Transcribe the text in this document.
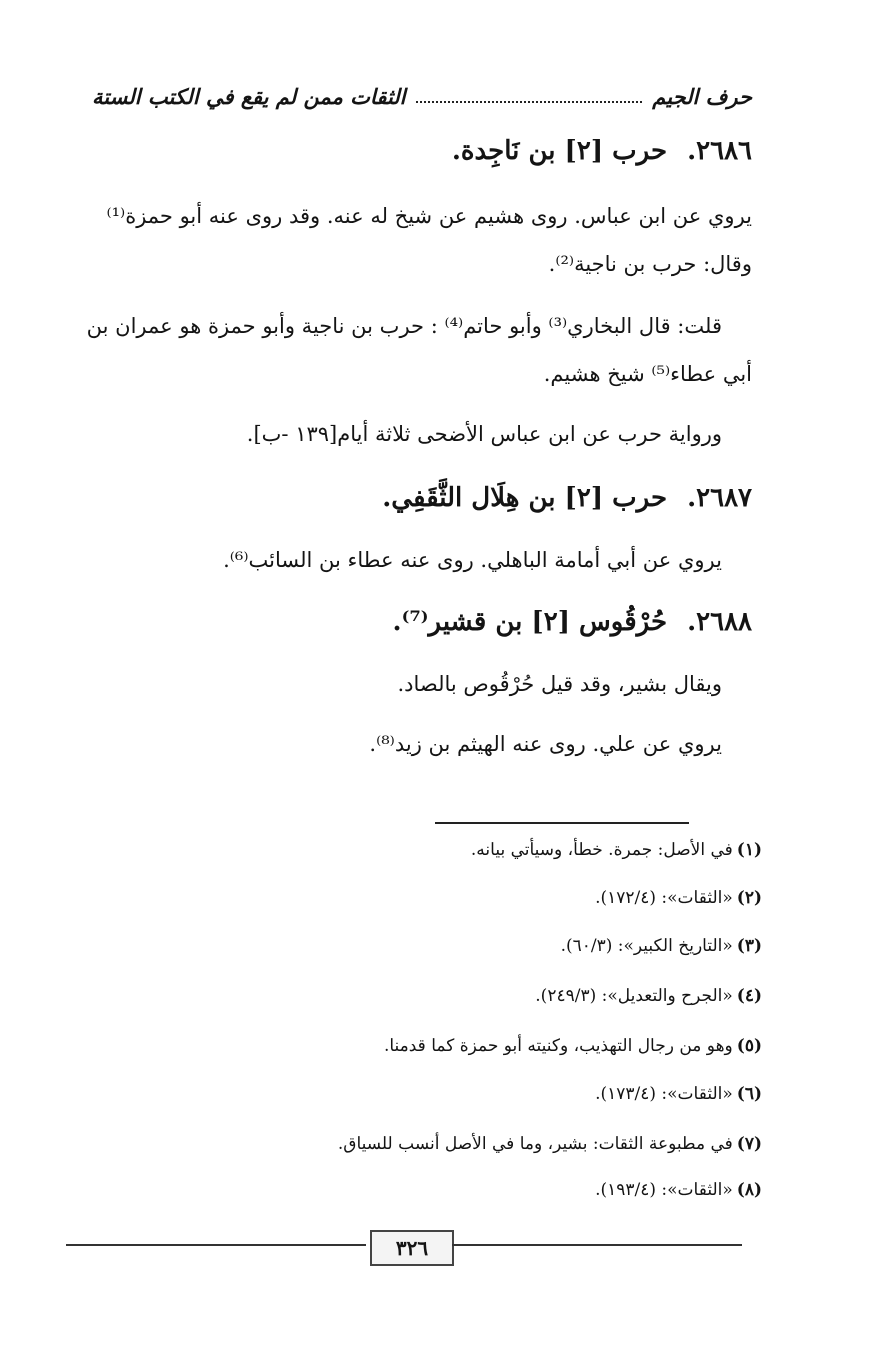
حرف الجيم
الثقات ممن لم يقع في الكتب الستة
٢٦٨٦.حرب [٢] بن نَاجِدة.
يروي عن ابن عباس. روى هشيم عن شيخ له عنه. وقد روى عنه أبو حمزة⁽¹⁾
وقال: حرب بن ناجية⁽²⁾.
قلت: قال البخاري⁽³⁾ وأبو حاتم⁽⁴⁾ : حرب بن ناجية وأبو حمزة هو عمران بن
أبي عطاء⁽⁵⁾ شيخ هشيم.
ورواية حرب عن ابن عباس الأضحى ثلاثة أيام[١٣٩ -ب].
٢٦٨٧.حرب [٢] بن هِلَال الثَّقَفِي.
يروي عن أبي أمامة الباهلي. روى عنه عطاء بن السائب⁽⁶⁾.
٢٦٨٨.حُرْقُوس [٢] بن قشير⁽⁷⁾.
ويقال بشير، وقد قيل حُرْقُوص بالصاد.
يروي عن علي. روى عنه الهيثم بن زيد⁽⁸⁾.
(١)في الأصل: جمرة. خطأ، وسيأتي بيانه.
(٢)«الثقات»: (١٧٢/٤).
(٣)«التاريخ الكبير»: (٦٠/٣).
(٤)«الجرح والتعديل»: (٢٤٩/٣).
(٥)وهو من رجال التهذيب، وكنيته أبو حمزة كما قدمنا.
(٦)«الثقات»: (١٧٣/٤).
(٧)في مطبوعة الثقات: بشير، وما في الأصل أنسب للسياق.
(٨)«الثقات»: (١٩٣/٤).
٣٢٦
